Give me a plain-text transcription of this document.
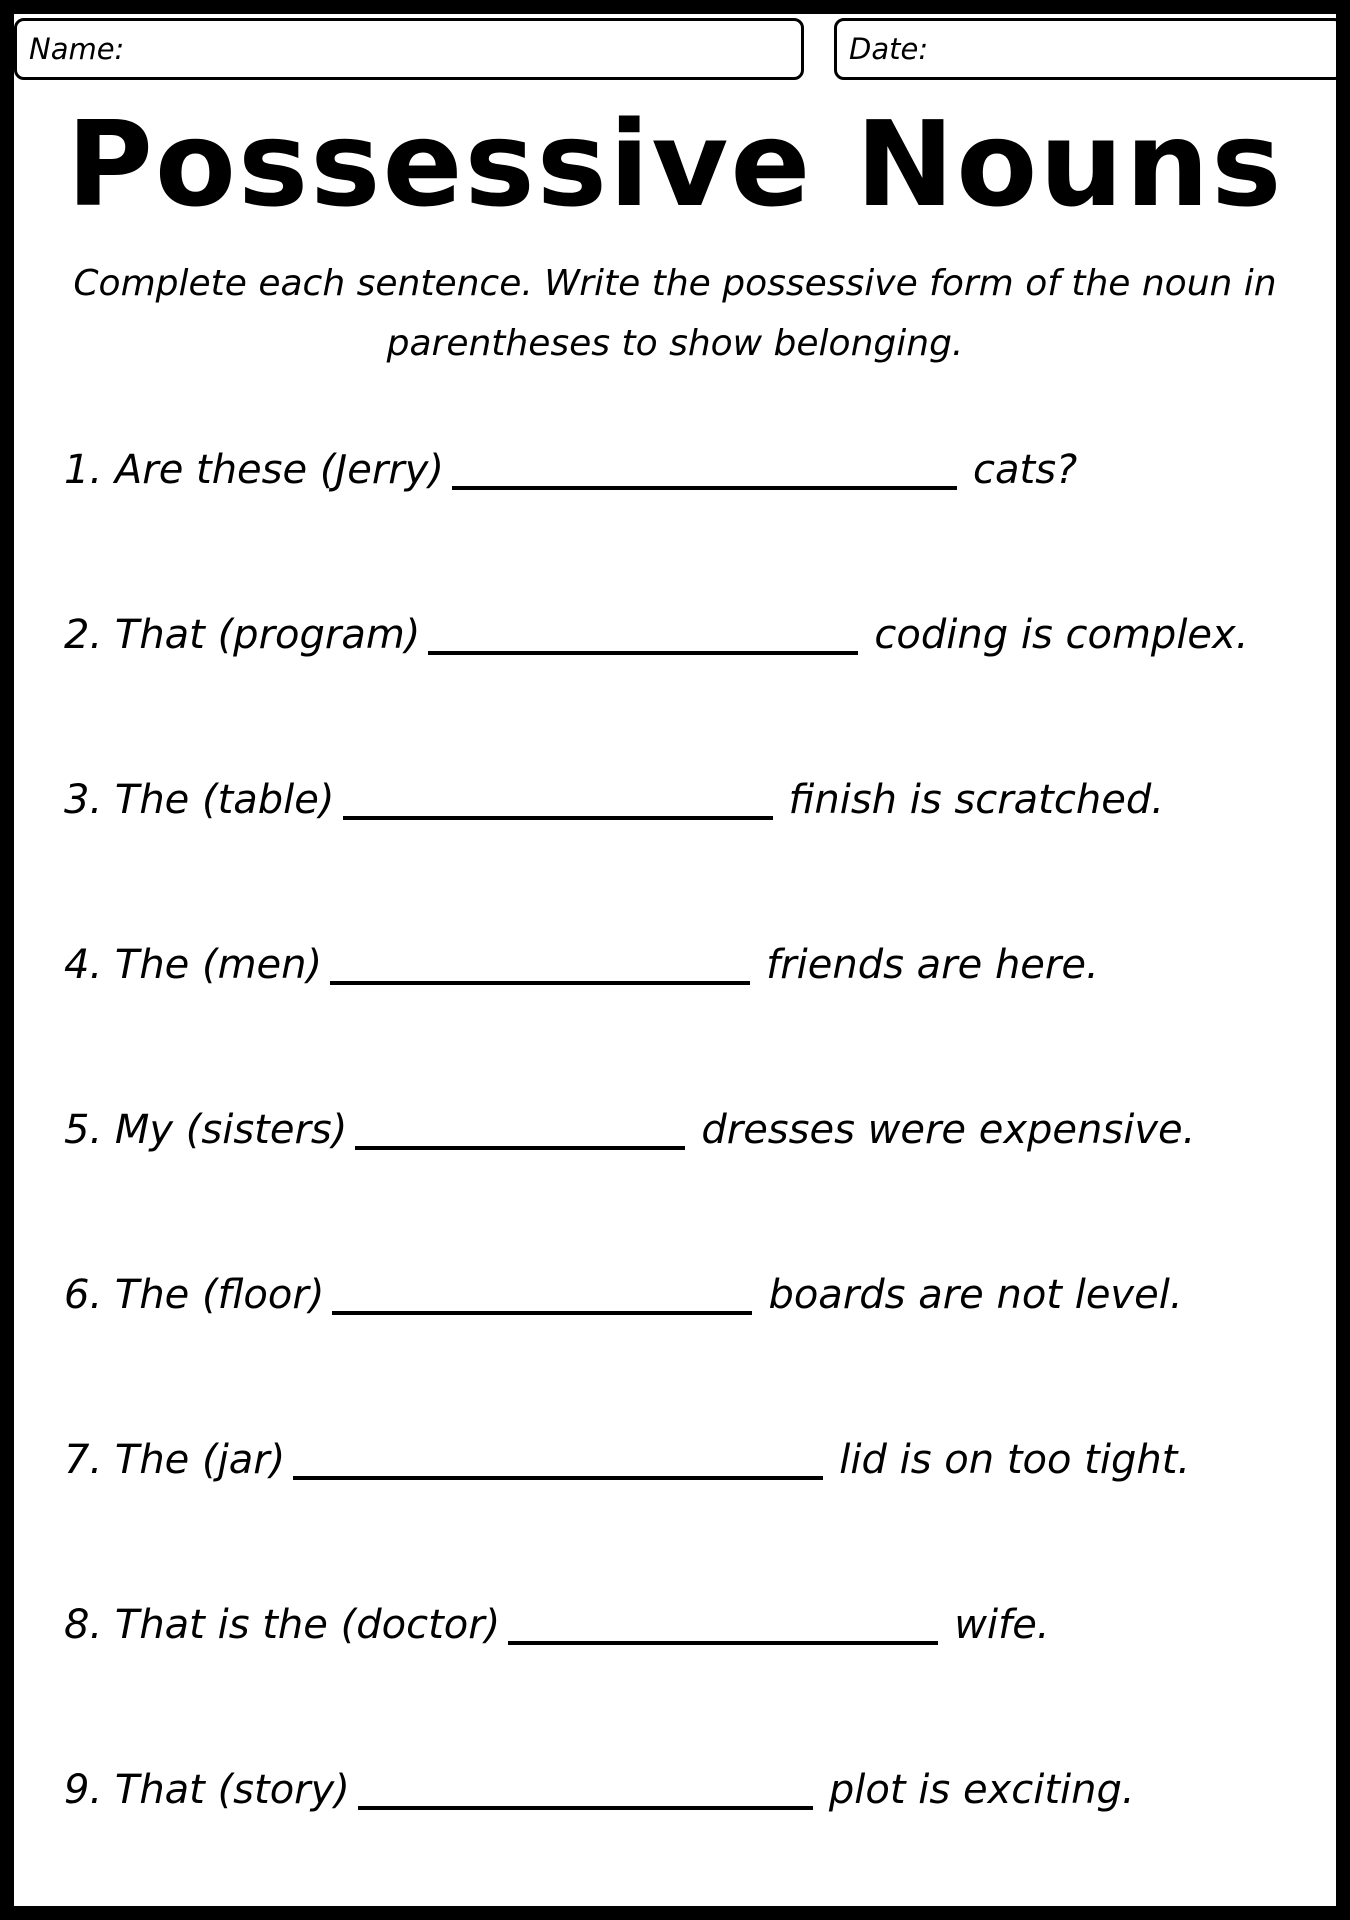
Name:	Date:
Possessive Nouns
Complete each sentence. Write the possessive form of the noun in parentheses to show belonging.
1. Are these (Jerry)	cats?
2. That (program)	coding is complex.
3. The (table)	finish is scratched.
4. The (men)	friends are here.
5. My (sisters)	dresses were expensive.
6. The (floor)	boards are not level.
7. The (jar)	lid is on too tight.
8. That is the (doctor)	wife.
9. That (story)	plot is exciting.
